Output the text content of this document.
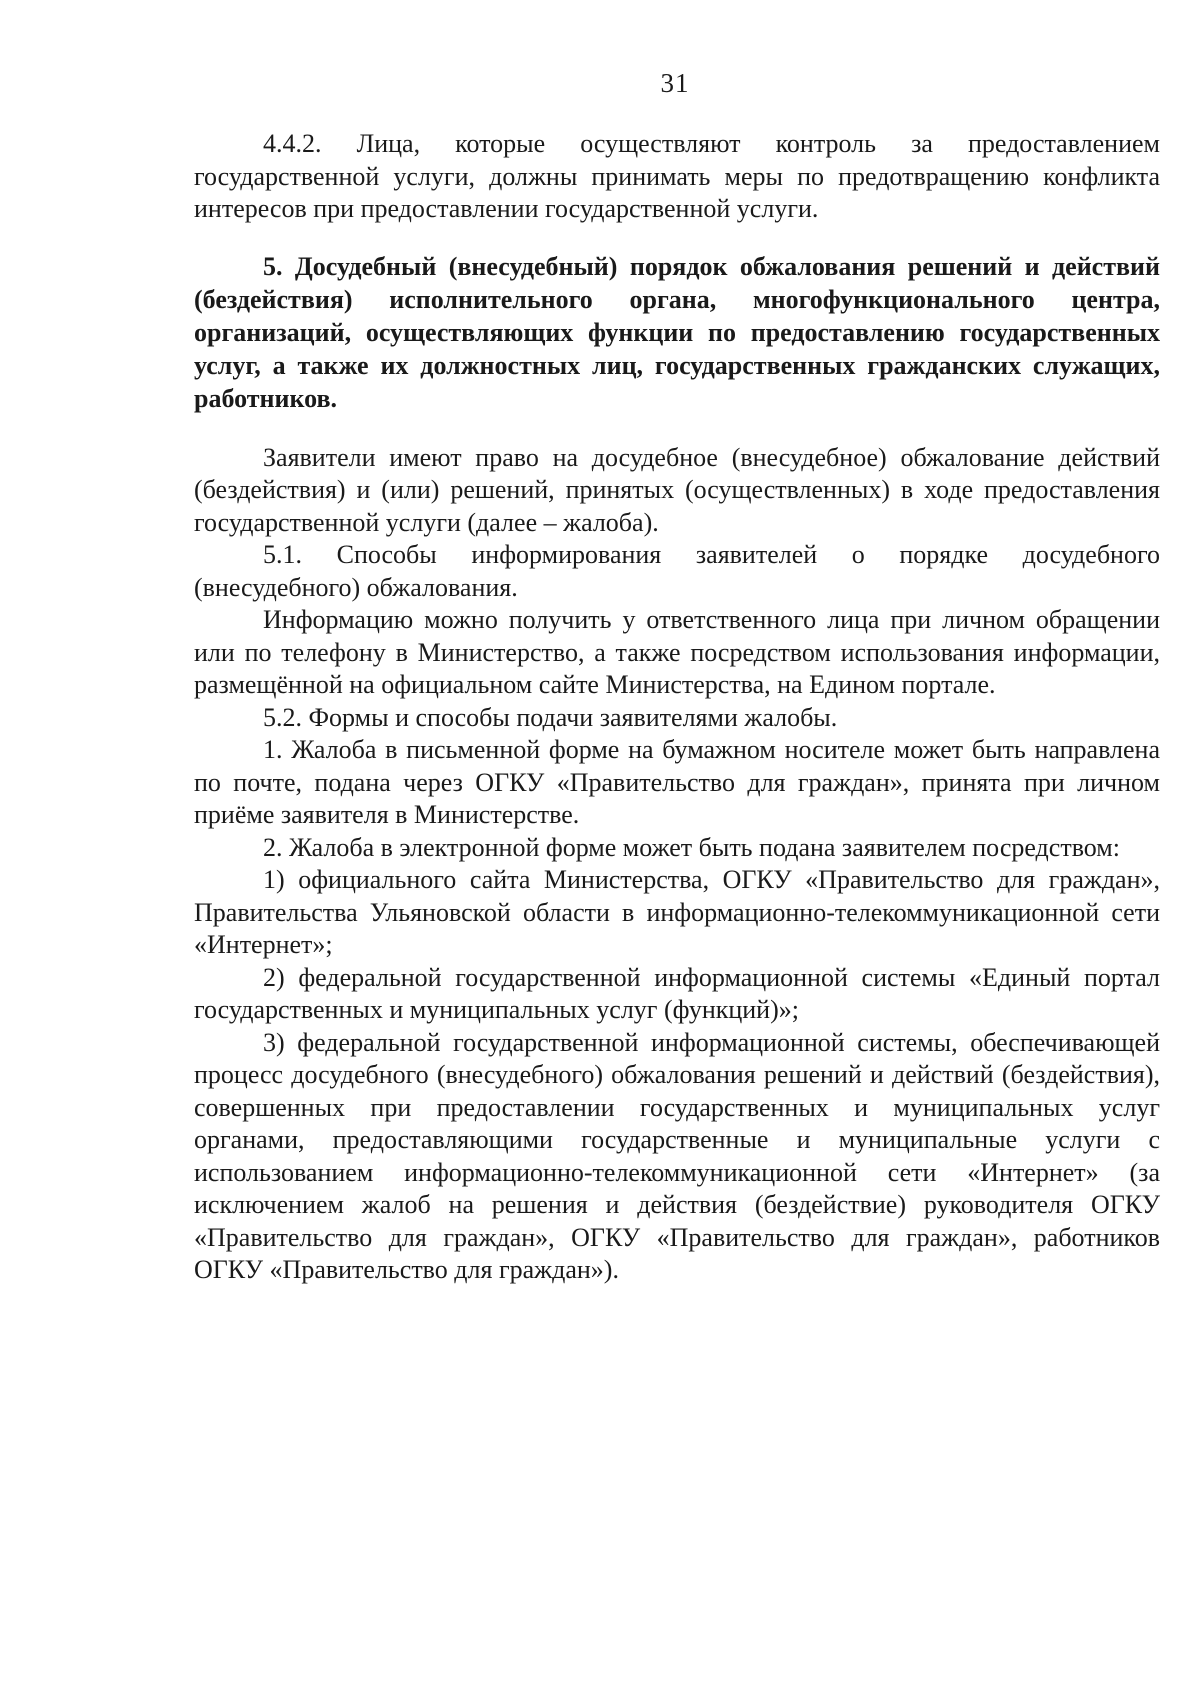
31

4.4.2. Лица, которые осуществляют контроль за предоставлением государственной услуги, должны принимать меры по предотвращению конфликта интересов при предоставлении государственной услуги.

5. Досудебный (внесудебный) порядок обжалования решений и действий (бездействия) исполнительного органа, многофункционального центра, организаций, осуществляющих функции по предоставлению государственных услуг, а также их должностных лиц, государственных гражданских служащих, работников.

Заявители имеют право на досудебное (внесудебное) обжалование действий (бездействия) и (или) решений, принятых (осуществленных) в ходе предоставления государственной услуги (далее – жалоба).

5.1. Способы информирования заявителей о порядке досудебного (внесудебного) обжалования.

Информацию можно получить у ответственного лица при личном обращении или по телефону в Министерство, а также посредством использования информации, размещённой на официальном сайте Министерства, на Едином портале.

5.2. Формы и способы подачи заявителями жалобы.

1. Жалоба в письменной форме на бумажном носителе может быть направлена по почте, подана через ОГКУ «Правительство для граждан», принята при личном приёме заявителя в Министерстве.

2. Жалоба в электронной форме может быть подана заявителем посредством:

1) официального сайта Министерства, ОГКУ «Правительство для граждан», Правительства Ульяновской области в информационно-телекоммуникационной сети «Интернет»;

2) федеральной государственной информационной системы «Единый портал государственных и муниципальных услуг (функций)»;

3) федеральной государственной информационной системы, обеспечивающей процесс досудебного (внесудебного) обжалования решений и действий (бездействия), совершенных при предоставлении государственных и муниципальных услуг органами, предоставляющими государственные и муниципальные услуги с использованием информационно-телекоммуникационной сети «Интернет» (за исключением жалоб на решения и действия (бездействие) руководителя ОГКУ «Правительство для граждан», ОГКУ «Правительство для граждан», работников ОГКУ «Правительство для граждан»).
